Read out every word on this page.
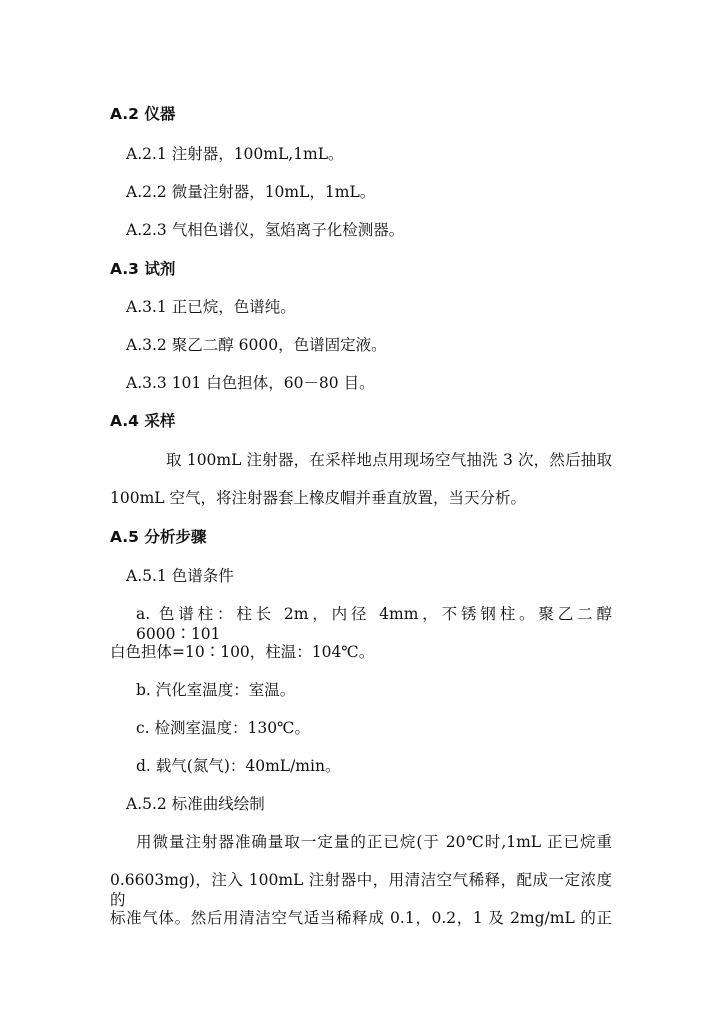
A.2 仪器
A.2.1 注射器，100mL,1mL。
A.2.2 微量注射器，10mL，1mL。
A.2.3 气相色谱仪，氢焰离子化检测器。
A.3 试剂
A.3.1 正已烷，色谱纯。
A.3.2 聚乙二醇 6000，色谱固定液。
A.3.3 101 白色担体，60－80 目。
A.4 采样
取 100mL 注射器，在采样地点用现场空气抽洗 3 次，然后抽取
100mL 空气，将注射器套上橡皮帽并垂直放置，当天分析。
A.5 分析步骤
A.5.1 色谱条件
a. 色谱柱：柱长 2m，内径 4mm，不锈钢柱。聚乙二醇 6000∶101
白色担体=10∶100，柱温：104℃。
b. 汽化室温度：室温。
c. 检测室温度：130℃。
d. 载气(氮气)：40mL/min。
A.5.2 标准曲线绘制
用微量注射器准确量取一定量的正已烷(于 20℃时,1mL 正已烷重
0.6603mg)，注入 100mL 注射器中，用清洁空气稀释，配成一定浓度的
标准气体。然后用清洁空气适当稀释成 0.1，0.2，1 及 2mg/mL 的正
